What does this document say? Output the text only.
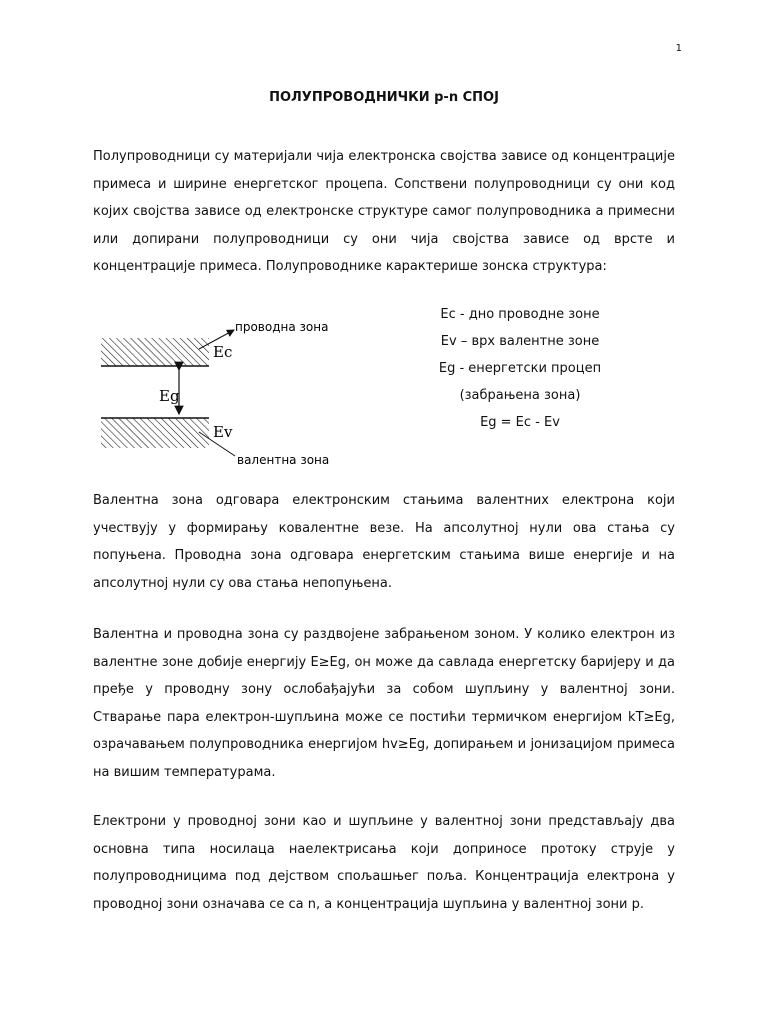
1
ПОЛУПРОВОДНИЧКИ p-n СПОЈ

Полупроводници су материјали чија електронска својства зависе од концентрације примеса и ширине енергетског процепа. Сопствени полупроводници су они код којих својства зависе од електронске структуре самог полупроводника а примесни или допирани полупроводници су они чија својства зависе од врсте и концентрације примеса. Полупроводнике карактерише зонска структура:

Ec
Eg
Ev
проводна зона
валентна зона
Ec - дно проводне зоне
Ev – врх валентне зоне
Eg - енергетски процеп
(забрањена зона)
Eg = Ec - Ev

Валентна зона одговара електронским стањима валентних електрона који учествују у формирању ковалентне везе. На апсолутној нули ова стања су попуњена. Проводна зона одговара енергетским стањима више енергије и на апсолутној нули су ова стања непопуњена.

Валентна и проводна зона су раздвојене забрањеном зоном. У колико електрон из валентне зоне добије енергију E≥Eg, он може да савлада енергетску баријеру и да пређе у проводну зону ослобађајући за собом шупљину у валентној зони. Стварање пара електрон-шупљина може се постићи термичком енергијом kT≥Eg, озрачавањем полупроводника енергијом hv≥Eg, допирањем и јонизацијом примеса на вишим температурама.

Електрони у проводној зони као и шупљине у валентној зони представљају два основна типа носилаца наелектрисања који доприносе протоку струје у полупроводницима под дејством спољашњег поља. Концентрација електрона у проводној зони означава се са n, а концентрација шупљина у валентној зони p.
